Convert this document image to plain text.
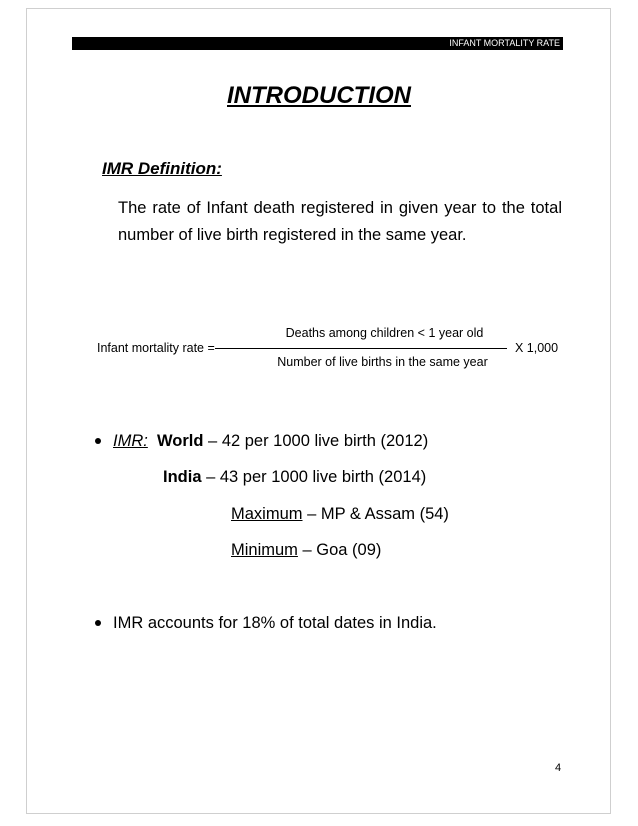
INFANT MORTALITY RATE
INTRODUCTION
IMR Definition:
The rate of Infant death registered in given year to the total number of live birth registered in the same year.
Infant mortality rate =
Deaths among children < 1 year old
Number of live births in the same year
X 1,000
IMR: World – 42 per 1000 live birth (2012)
India – 43 per 1000 live birth (2014)
Maximum – MP & Assam (54)
Minimum – Goa (09)
IMR accounts for 18% of total dates in India.
4
